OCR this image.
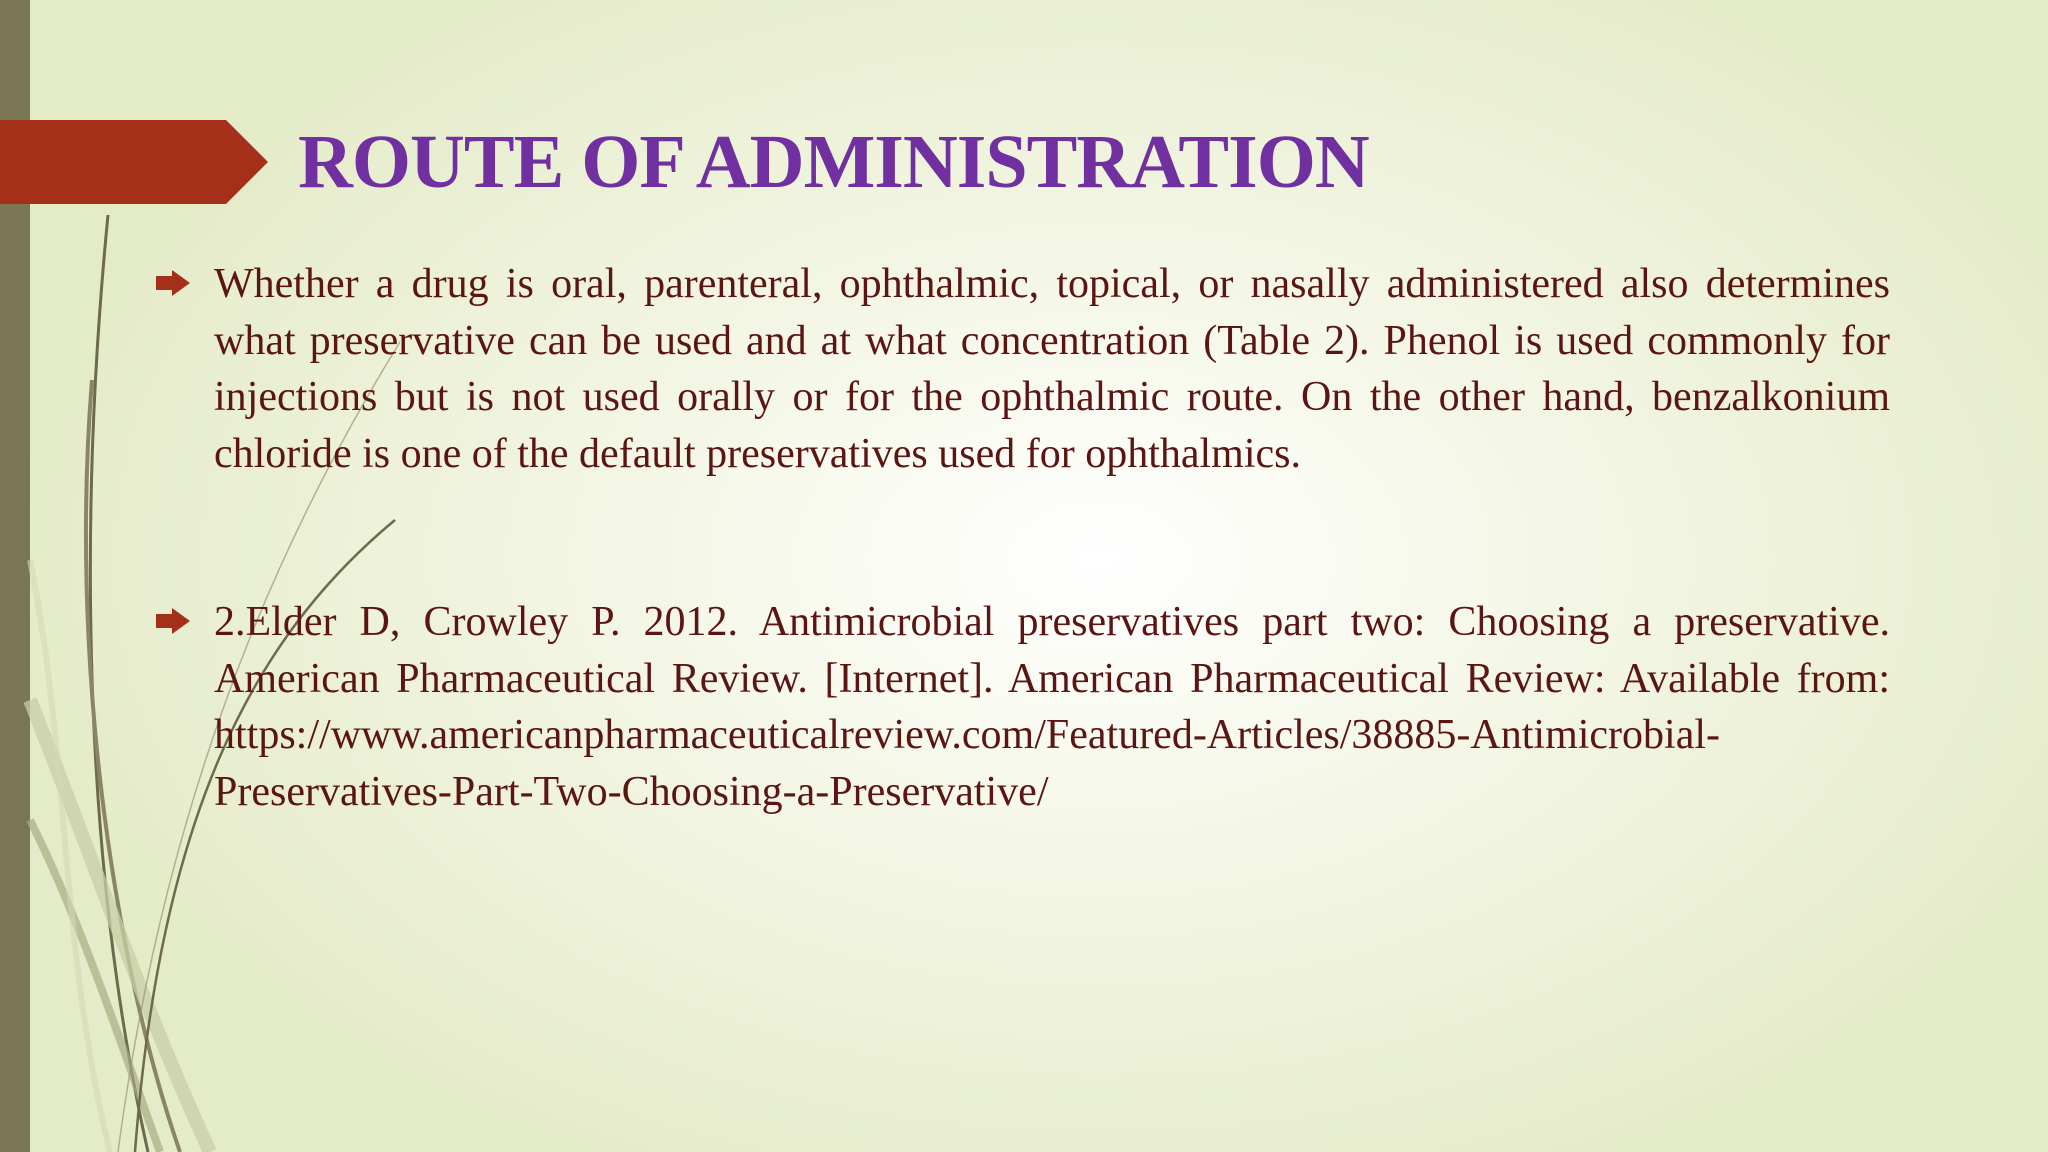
ROUTE OF ADMINISTRATION

Whether a drug is oral, parenteral, ophthalmic, topical, or nasally administered also determines what preservative can be used and at what concentration (Table 2). Phenol is used commonly for injections but is not used orally or for the ophthalmic route. On the other hand, benzalkonium chloride is one of the default preservatives used for ophthalmics.

2.Elder D, Crowley P. 2012. Antimicrobial preservatives part two: Choosing a preservative. American Pharmaceutical Review. [Internet]. American Pharmaceutical Review: Available from: https://www.americanpharmaceuticalreview.com/Featured-Articles/38885-Antimicrobial-Preservatives-Part-Two-Choosing-a-Preservative/
